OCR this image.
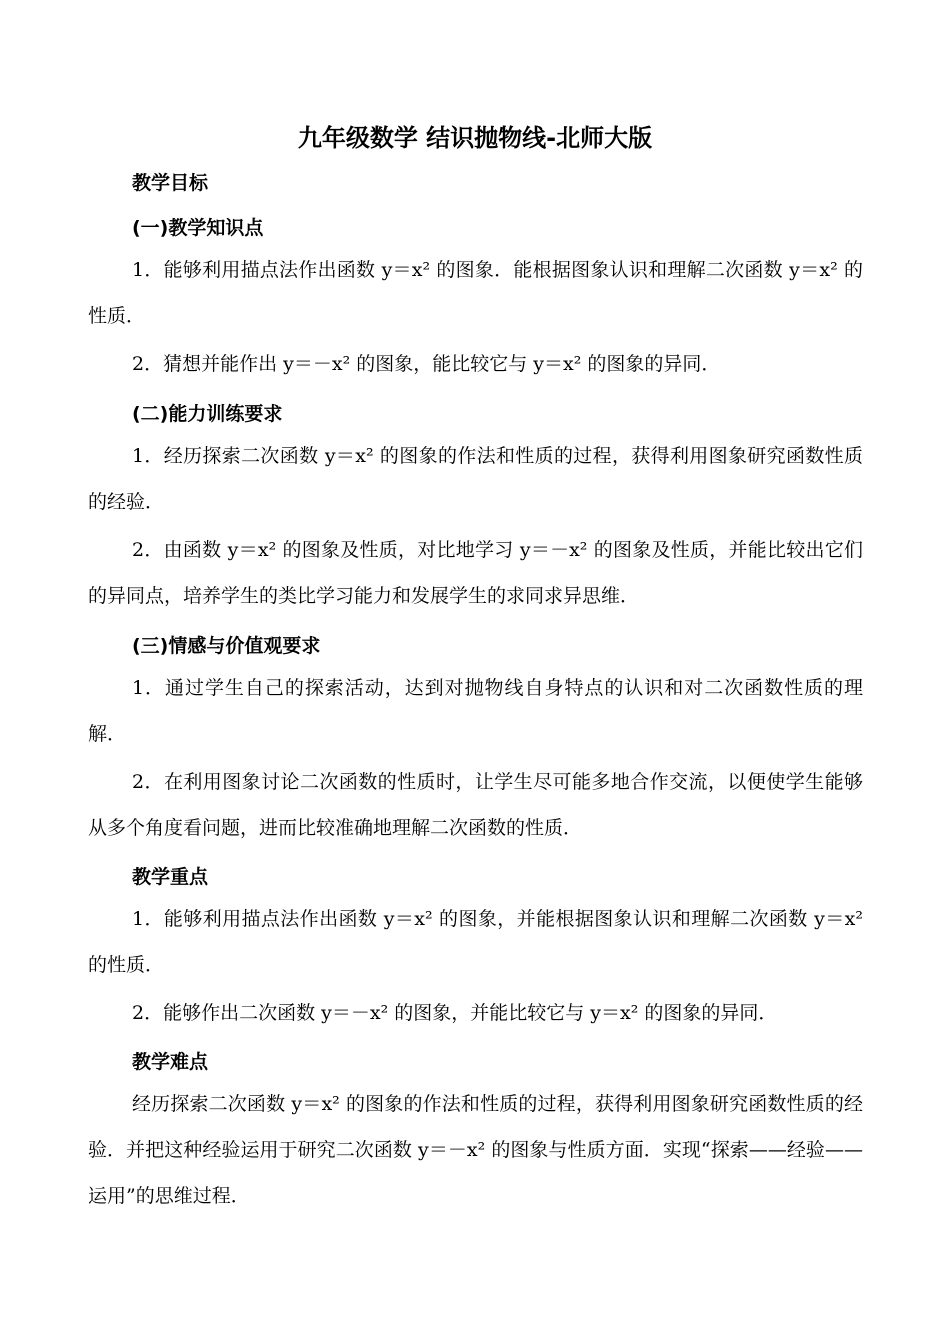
九年级数学 结识抛物线-北师大版
教学目标
(一)教学知识点
1．能够利用描点法作出函数 y＝x² 的图象．能根据图象认识和理解二次函数 y＝x² 的性质．
2．猜想并能作出 y＝－x² 的图象，能比较它与 y＝x² 的图象的异同．
(二)能力训练要求
1．经历探索二次函数 y＝x² 的图象的作法和性质的过程，获得利用图象研究函数性质的经验．
2．由函数 y＝x² 的图象及性质，对比地学习 y＝－x² 的图象及性质，并能比较出它们的异同点，培养学生的类比学习能力和发展学生的求同求异思维．
(三)情感与价值观要求
1．通过学生自己的探索活动，达到对抛物线自身特点的认识和对二次函数性质的理解．
2．在利用图象讨论二次函数的性质时，让学生尽可能多地合作交流，以便使学生能够从多个角度看问题，进而比较准确地理解二次函数的性质．
教学重点
1．能够利用描点法作出函数 y＝x² 的图象，并能根据图象认识和理解二次函数 y＝x² 的性质．
2．能够作出二次函数 y＝－x² 的图象，并能比较它与 y＝x² 的图象的异同．
教学难点
经历探索二次函数 y＝x² 的图象的作法和性质的过程，获得利用图象研究函数性质的经验．并把这种经验运用于研究二次函数 y＝－x² 的图象与性质方面．实现“探索——经验——运用”的思维过程．
